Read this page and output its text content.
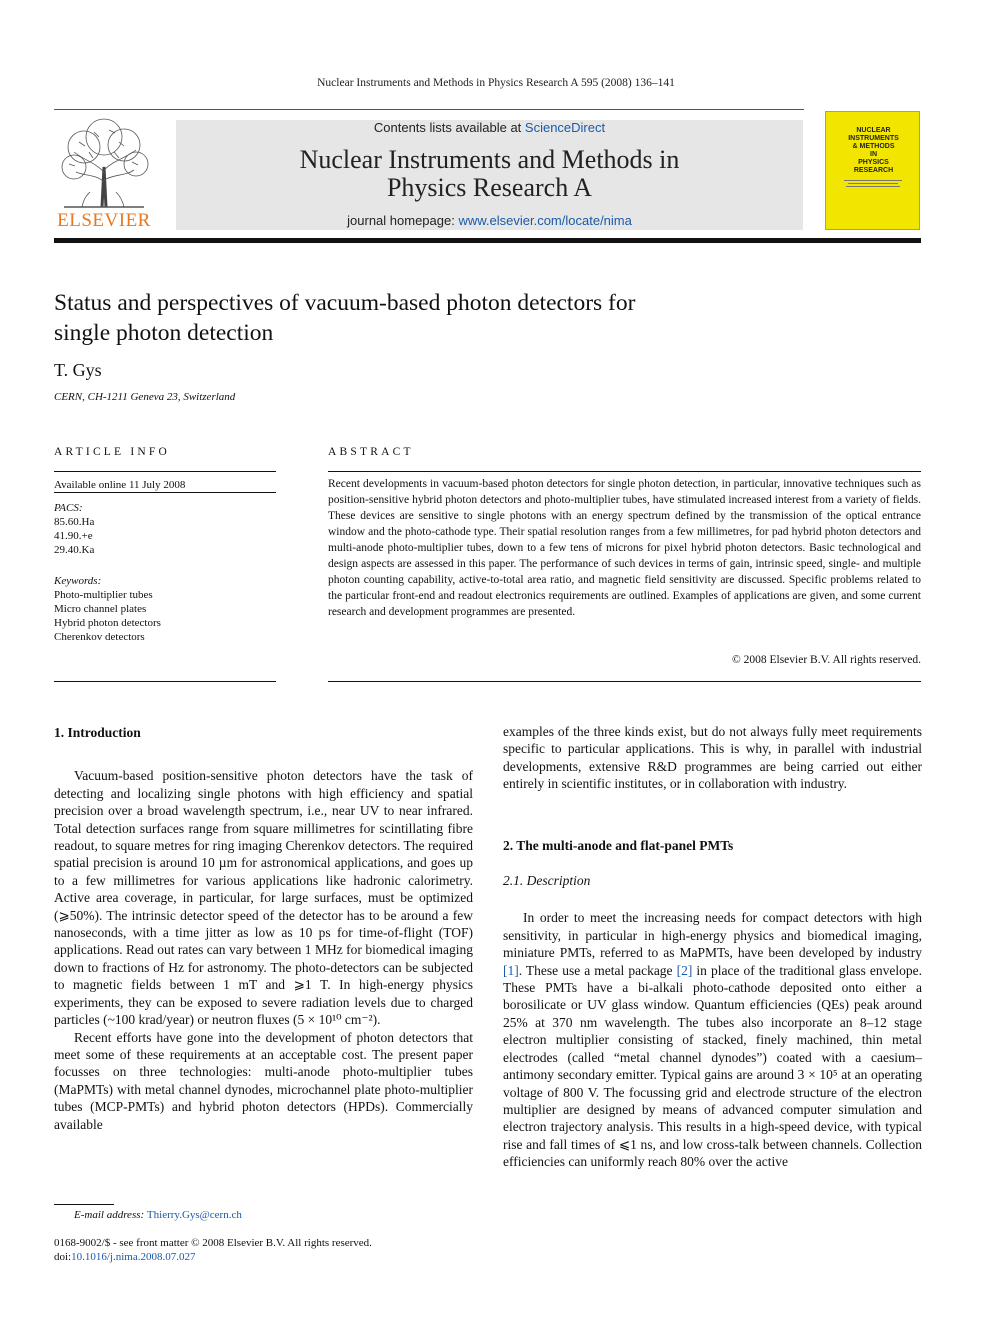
Nuclear Instruments and Methods in Physics Research A 595 (2008) 136–141
ELSEVIER
Contents lists available at ScienceDirect
Nuclear Instruments and Methods in
Physics Research A
journal homepage: www.elsevier.com/locate/nima
NUCLEAR
INSTRUMENTS
& METHODS
IN
PHYSICS
RESEARCH
Status and perspectives of vacuum-based photon detectors for
single photon detection
T. Gys
CERN, CH-1211 Geneva 23, Switzerland
ARTICLE INFO
Available online 11 July 2008
PACS:
85.60.Ha
41.90.+e
29.40.Ka
Keywords:
Photo-multiplier tubes
Micro channel plates
Hybrid photon detectors
Cherenkov detectors
ABSTRACT
Recent developments in vacuum-based photon detectors for single photon detection, in particular, innovative techniques such as position-sensitive hybrid photon detectors and photo-multiplier tubes, have stimulated increased interest from a variety of fields. These devices are sensitive to single photons with an energy spectrum defined by the transmission of the optical entrance window and the photo-cathode type. Their spatial resolution ranges from a few millimetres, for pad hybrid photon detectors and multi-anode photo-multiplier tubes, down to a few tens of microns for pixel hybrid photon detectors. Basic technological and design aspects are assessed in this paper. The performance of such devices in terms of gain, intrinsic speed, single- and multiple photon counting capability, active-to-total area ratio, and magnetic field sensitivity are discussed. Specific problems related to the particular front-end and readout electronics requirements are outlined. Examples of applications are given, and some current research and development programmes are presented.
© 2008 Elsevier B.V. All rights reserved.
1. Introduction

Vacuum-based position-sensitive photon detectors have the task of detecting and localizing single photons with high efficiency and spatial precision over a broad wavelength spectrum, i.e., near UV to near infrared. Total detection surfaces range from square millimetres for scintillating fibre readout, to square metres for ring imaging Cherenkov detectors. The required spatial precision is around 10 µm for astronomical applications, and goes up to a few millimetres for various applications like hadronic calorimetry. Active area coverage, in particular, for large surfaces, must be optimized (⩾50%). The intrinsic detector speed of the detector has to be around a few nanoseconds, with a time jitter as low as 10 ps for time-of-flight (TOF) applications. Read out rates can vary between 1 MHz for biomedical imaging down to fractions of Hz for astronomy. The photo-detectors can be subjected to magnetic fields between 1 mT and ⩾1 T. In high-energy physics experiments, they can be exposed to severe radiation levels due to charged particles (~100 krad/year) or neutron fluxes (5 × 10¹⁰ cm⁻²).

Recent efforts have gone into the development of photon detectors that meet some of these requirements at an acceptable cost. The present paper focusses on three technologies: multi-anode photo-multiplier tubes (MaPMTs) with metal channel dynodes, microchannel plate photo-multiplier tubes (MCP-PMTs) and hybrid photon detectors (HPDs). Commercially available

examples of the three kinds exist, but do not always fully meet requirements specific to particular applications. This is why, in parallel with industrial developments, extensive R&D programmes are being carried out either entirely in scientific institutes, or in collaboration with industry.

2. The multi-anode and flat-panel PMTs
2.1. Description

In order to meet the increasing needs for compact detectors with high sensitivity, in particular in high-energy physics and biomedical imaging, miniature PMTs, referred to as MaPMTs, have been developed by industry [1]. These use a metal package [2] in place of the traditional glass envelope. These PMTs have a bi-alkali photo-cathode deposited onto either a borosilicate or UV glass window. Quantum efficiencies (QEs) peak around 25% at 370 nm wavelength. The tubes also incorporate an 8–12 stage electron multiplier consisting of stacked, finely machined, thin metal electrodes (called “metal channel dynodes”) coated with a caesium–antimony secondary emitter. Typical gains are around 3 × 10⁵ at an operating voltage of 800 V. The focussing grid and electrode structure of the electron multiplier are designed by means of advanced computer simulation and electron trajectory analysis. This results in a high-speed device, with typical rise and fall times of ⩽1 ns, and low cross-talk between channels. Collection efficiencies can uniformly reach 80% over the active

E-mail address: Thierry.Gys@cern.ch
0168-9002/$ - see front matter © 2008 Elsevier B.V. All rights reserved.
doi:10.1016/j.nima.2008.07.027
